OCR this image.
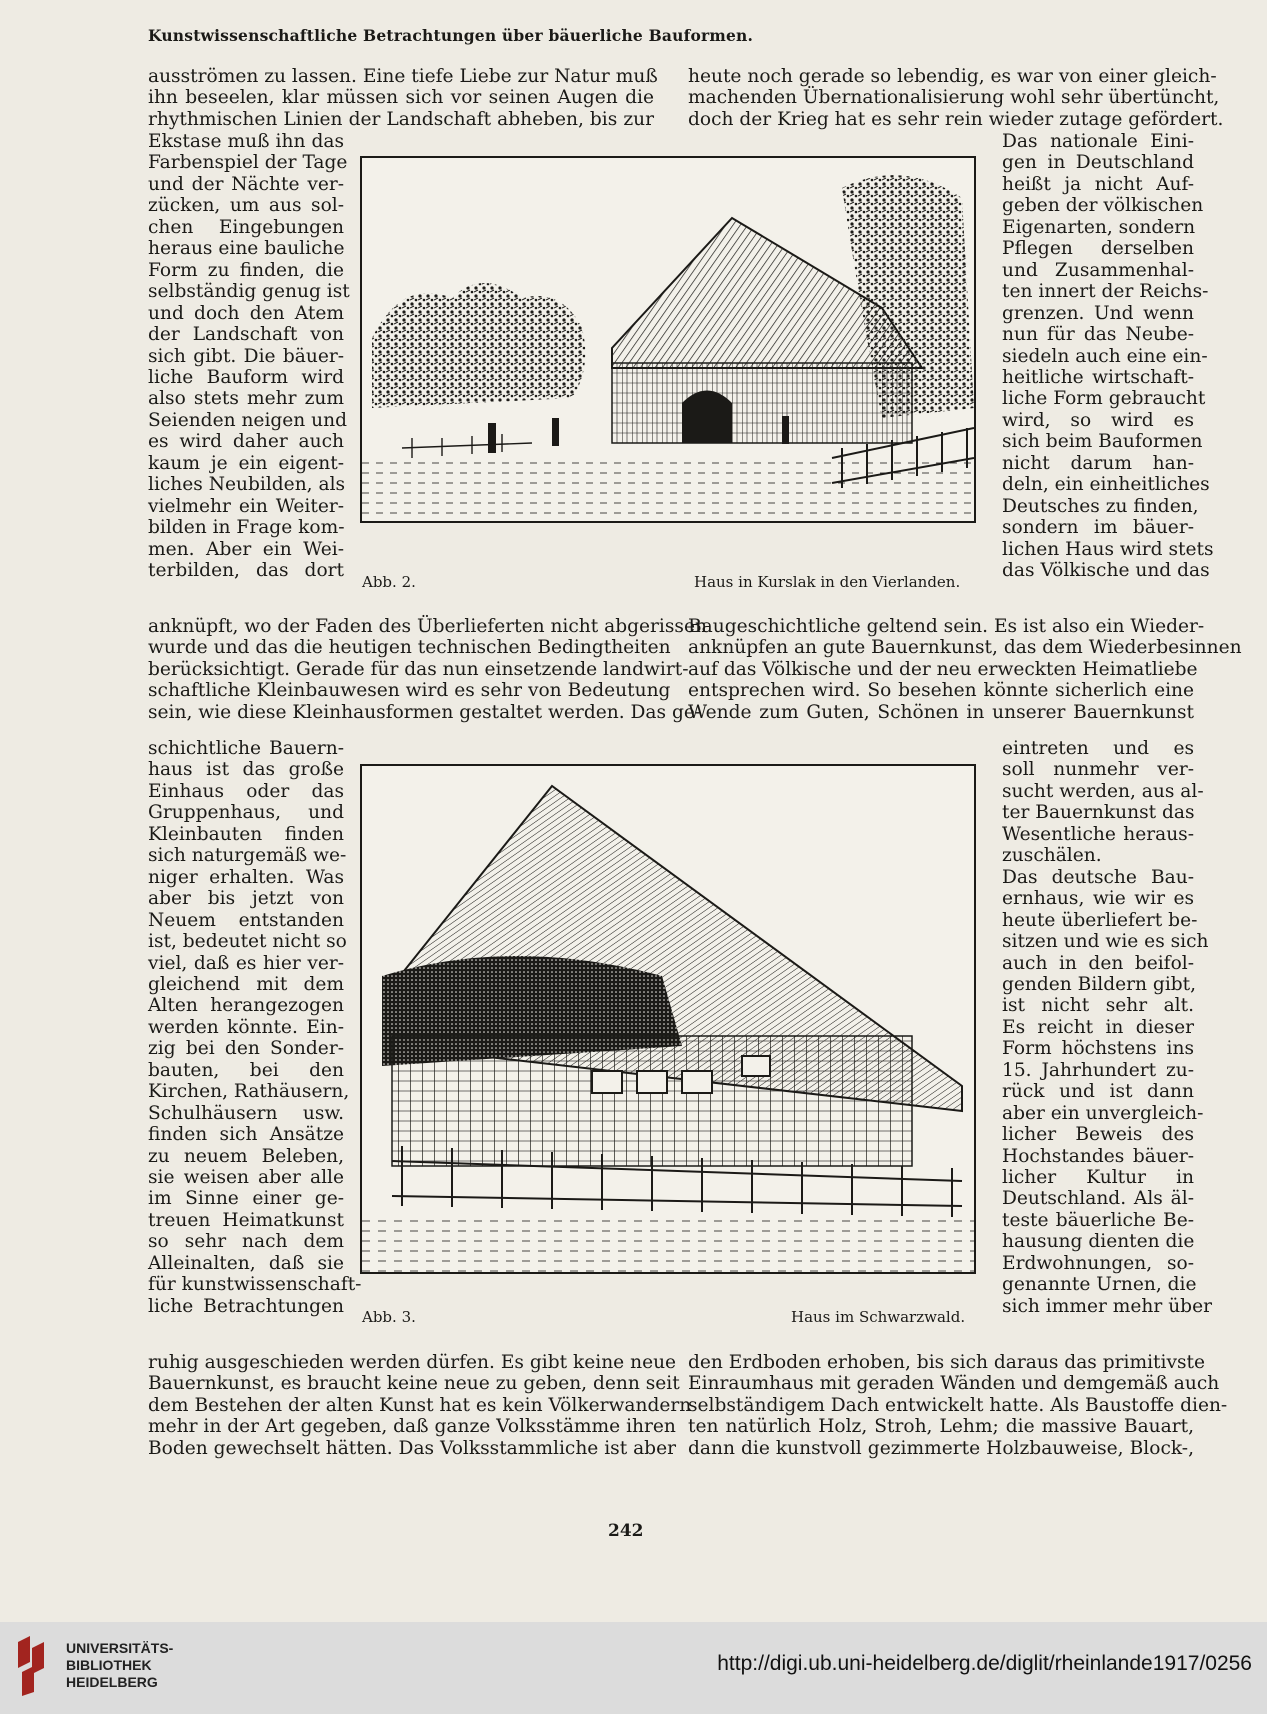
Kunstwissenschaftliche Betrachtungen über bäuerliche Bauformen.
ausströmen zu lassen. Eine tiefe Liebe zur Natur muß
ihn beseelen, klar müssen sich vor seinen Augen die
rhythmischen Linien der Landschaft abheben, bis zur
Ekstase muß ihn das
Farbenspiel der Tage
und der Nächte ver-
zücken, um aus sol-
chen Eingebungen
heraus eine bauliche
Form zu finden, die
selbständig genug ist
und doch den Atem
der Landschaft von
sich gibt. Die bäuer-
liche Bauform wird
also stets mehr zum
Seienden neigen und
es wird daher auch
kaum je ein eigent-
liches Neubilden, als
vielmehr ein Weiter-
bilden in Frage kom-
men. Aber ein Wei-
terbilden, das dort
anknüpft, wo der Faden des Überlieferten nicht abgerissen
wurde und das die heutigen technischen Bedingtheiten
berücksichtigt. Gerade für das nun einsetzende landwirt-
schaftliche Kleinbauwesen wird es sehr von Bedeutung
sein, wie diese Kleinhausformen gestaltet werden. Das ge-
schichtliche Bauern-
haus ist das große
Einhaus oder das
Gruppenhaus, und
Kleinbauten finden
sich naturgemäß we-
niger erhalten. Was
aber bis jetzt von
Neuem entstanden
ist, bedeutet nicht so
viel, daß es hier ver-
gleichend mit dem
Alten herangezogen
werden könnte. Ein-
zig bei den Sonder-
bauten, bei den
Kirchen, Rathäusern,
Schulhäusern usw.
finden sich Ansätze
zu neuem Beleben,
sie weisen aber alle
im Sinne einer ge-
treuen Heimatkunst
so sehr nach dem
Alleinalten, daß sie
für kunstwissenschaft-
liche Betrachtungen
ruhig ausgeschieden werden dürfen. Es gibt keine neue
Bauernkunst, es braucht keine neue zu geben, denn seit
dem Bestehen der alten Kunst hat es kein Völkerwandern
mehr in der Art gegeben, daß ganze Volksstämme ihren
Boden gewechselt hätten. Das Volksstammliche ist aber
heute noch gerade so lebendig, es war von einer gleich-
machenden Übernationalisierung wohl sehr übertüncht,
doch der Krieg hat es sehr rein wieder zutage gefördert.
Das nationale Eini-
gen in Deutschland
heißt ja nicht Auf-
geben der völkischen
Eigenarten, sondern
Pflegen derselben
und Zusammenhal-
ten innert der Reichs-
grenzen. Und wenn
nun für das Neube-
siedeln auch eine ein-
heitliche wirtschaft-
liche Form gebraucht
wird, so wird es
sich beim Bauformen
nicht darum han-
deln, ein einheitliches
Deutsches zu finden,
sondern im bäuer-
lichen Haus wird stets
das Völkische und das
Baugeschichtliche geltend sein. Es ist also ein Wieder-
anknüpfen an gute Bauernkunst, das dem Wiederbesinnen
auf das Völkische und der neu erweckten Heimatliebe
entsprechen wird. So besehen könnte sicherlich eine
Wende zum Guten, Schönen in unserer Bauernkunst
eintreten und es
soll nunmehr ver-
sucht werden, aus al-
ter Bauernkunst das
Wesentliche heraus-
zuschälen.
Das deutsche Bau-
ernhaus, wie wir es
heute überliefert be-
sitzen und wie es sich
auch in den beifol-
genden Bildern gibt,
ist nicht sehr alt.
Es reicht in dieser
Form höchstens ins
15. Jahrhundert zu-
rück und ist dann
aber ein unvergleich-
licher Beweis des
Hochstandes bäuer-
licher Kultur in
Deutschland. Als äl-
teste bäuerliche Be-
hausung dienten die
Erdwohnungen, so-
genannte Urnen, die
sich immer mehr über
den Erdboden erhoben, bis sich daraus das primitivste
Einraumhaus mit geraden Wänden und demgemäß auch
selbständigem Dach entwickelt hatte. Als Baustoffe dien-
ten natürlich Holz, Stroh, Lehm; die massive Bauart,
dann die kunstvoll gezimmerte Holzbauweise, Block-,
Abb. 2.	Haus in Kurslak in den Vierlanden.
Abb. 3.	Haus im Schwarzwald.
242
UNIVERSITÄTS-
BIBLIOTHEK
HEIDELBERG
http://digi.ub.uni-heidelberg.de/diglit/rheinlande1917/0256
